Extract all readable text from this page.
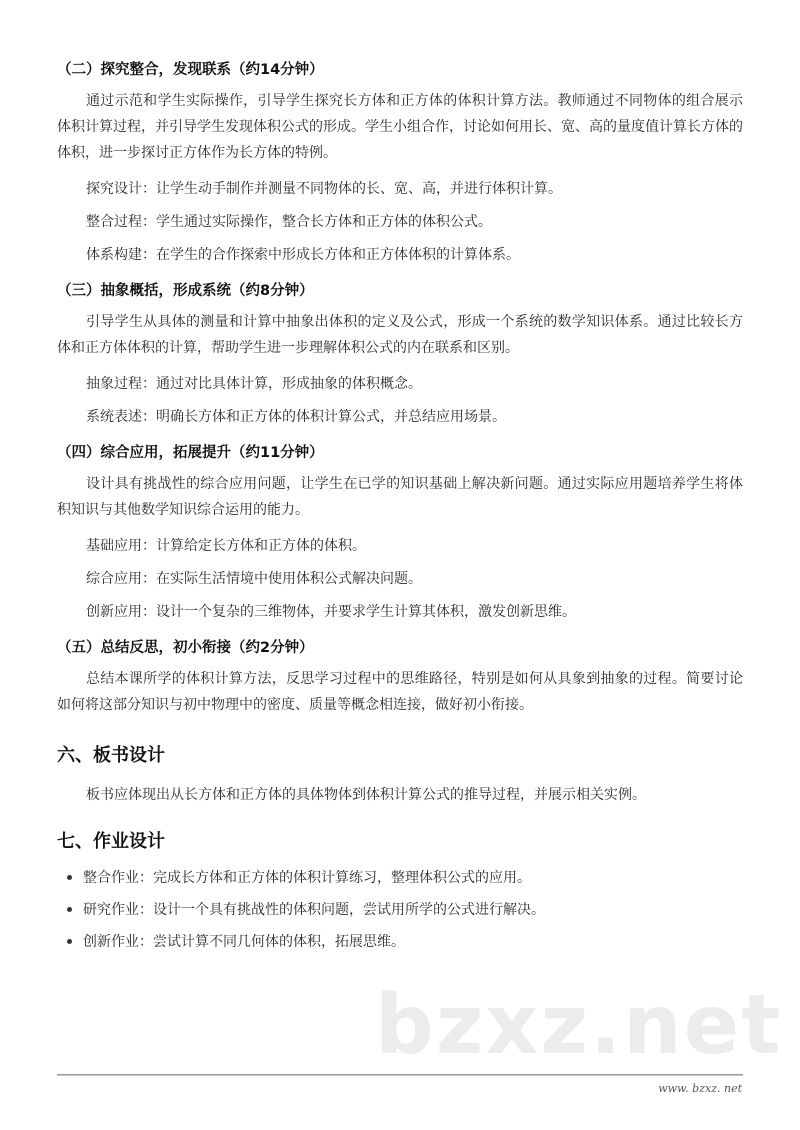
bzxz.net
（二）探究整合，发现联系（约14分钟）

通过示范和学生实际操作，引导学生探究长方体和正方体的体积计算方法。教师通过不同物体的组合展示体积计算过程，并引导学生发现体积公式的形成。学生小组合作，讨论如何用长、宽、高的量度值计算长方体的体积，进一步探讨正方体作为长方体的特例。

探究设计：让学生动手制作并测量不同物体的长、宽、高，并进行体积计算。
整合过程：学生通过实际操作，整合长方体和正方体的体积公式。
体系构建：在学生的合作探索中形成长方体和正方体体积的计算体系。
（三）抽象概括，形成系统（约8分钟）

引导学生从具体的测量和计算中抽象出体积的定义及公式，形成一个系统的数学知识体系。通过比较长方体和正方体体积的计算，帮助学生进一步理解体积公式的内在联系和区别。

抽象过程：通过对比具体计算，形成抽象的体积概念。
系统表述：明确长方体和正方体的体积计算公式，并总结应用场景。
（四）综合应用，拓展提升（约11分钟）

设计具有挑战性的综合应用问题，让学生在已学的知识基础上解决新问题。通过实际应用题培养学生将体积知识与其他数学知识综合运用的能力。

基础应用：计算给定长方体和正方体的体积。
综合应用：在实际生活情境中使用体积公式解决问题。
创新应用：设计一个复杂的三维物体，并要求学生计算其体积，激发创新思维。
（五）总结反思，初小衔接（约2分钟）

总结本课所学的体积计算方法，反思学习过程中的思维路径，特别是如何从具象到抽象的过程。简要讨论如何将这部分知识与初中物理中的密度、质量等概念相连接，做好初小衔接。

六、板书设计

板书应体现出从长方体和正方体的具体物体到体积计算公式的推导过程，并展示相关实例。

七、作业设计
整合作业：完成长方体和正方体的体积计算练习，整理体积公式的应用。
研究作业：设计一个具有挑战性的体积问题，尝试用所学的公式进行解决。
创新作业：尝试计算不同几何体的体积，拓展思维。
www. bzxz. net
